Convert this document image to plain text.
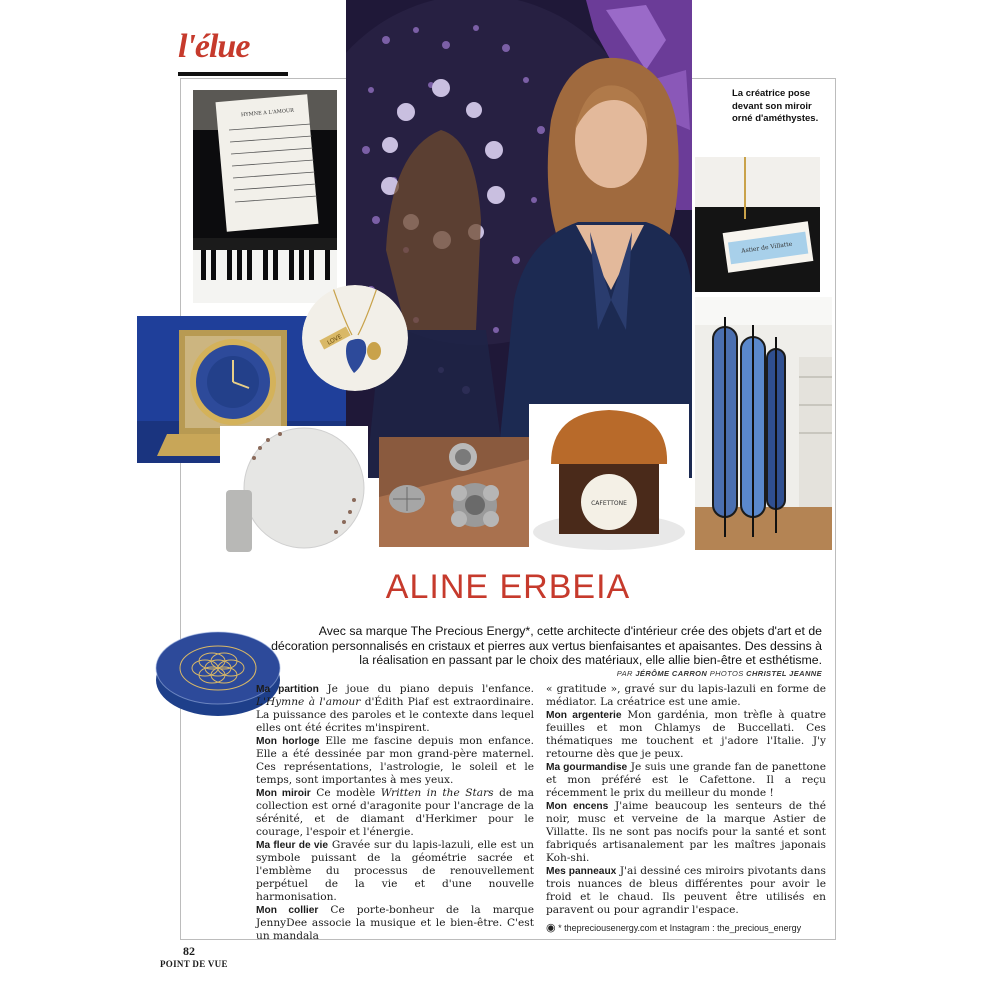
l'élue
HYMNE A L'AMOUR
LOVE
CAFETTONE
Astier de Villatte
La créatrice pose devant son miroir orné d'améthystes.
ALINE ERBEIA
Avec sa marque The Precious Energy*, cette architecte d'intérieur crée des objets d'art et de décoration personnalisés en cristaux et pierres aux vertus bienfaisantes et apaisantes. Des dessins à la réalisation en passant par le choix des matériaux, elle allie bien-être et esthétisme.
PAR JÉRÔME CARRON PHOTOS CHRISTEL JEANNE

Ma partition Je joue du piano depuis l'enfance. L'Hymne à l'amour d'Édith Piaf est extraordinaire. La puissance des paroles et le contexte dans lequel elles ont été écrites m'inspirent.

Mon horloge Elle me fascine depuis mon enfance. Elle a été dessinée par mon grand-père maternel. Ces représentations, l'astrologie, le soleil et le temps, sont importantes à mes yeux.

Mon miroir Ce modèle Written in the Stars de ma collection est orné d'aragonite pour l'ancrage de la sérénité, et de diamant d'Herkimer pour le courage, l'espoir et l'énergie.

Ma fleur de vie Gravée sur du lapis-lazuli, elle est un symbole puissant de la géométrie sacrée et l'emblème du processus de renouvellement perpétuel de la vie et d'une nouvelle harmonisation.

Mon collier Ce porte-bonheur de la marque JennyDee associe la musique et le bien-être. C'est un mandala

« gratitude », gravé sur du lapis-lazuli en forme de médiator. La créatrice est une amie.

Mon argenterie Mon gardénia, mon trèfle à quatre feuilles et mon Chlamys de Buccellati. Ces thématiques me touchent et j'adore l'Italie. J'y retourne dès que je peux.

Ma gourmandise Je suis une grande fan de panettone et mon préféré est le Cafettone. Il a reçu récemment le prix du meilleur du monde !

Mon encens J'aime beaucoup les senteurs de thé noir, musc et verveine de la marque Astier de Villatte. Ils ne sont pas nocifs pour la santé et sont fabriqués artisanalement par les maîtres japonais Koh-shi.

Mes panneaux J'ai dessiné ces miroirs pivotants dans trois nuances de bleus différentes pour avoir le froid et le chaud. Ils peuvent être utilisés en paravent ou pour agrandir l'espace.

◉ * thepreciousenergy.com et Instagram : the_precious_energy
82
POINT DE VUE
